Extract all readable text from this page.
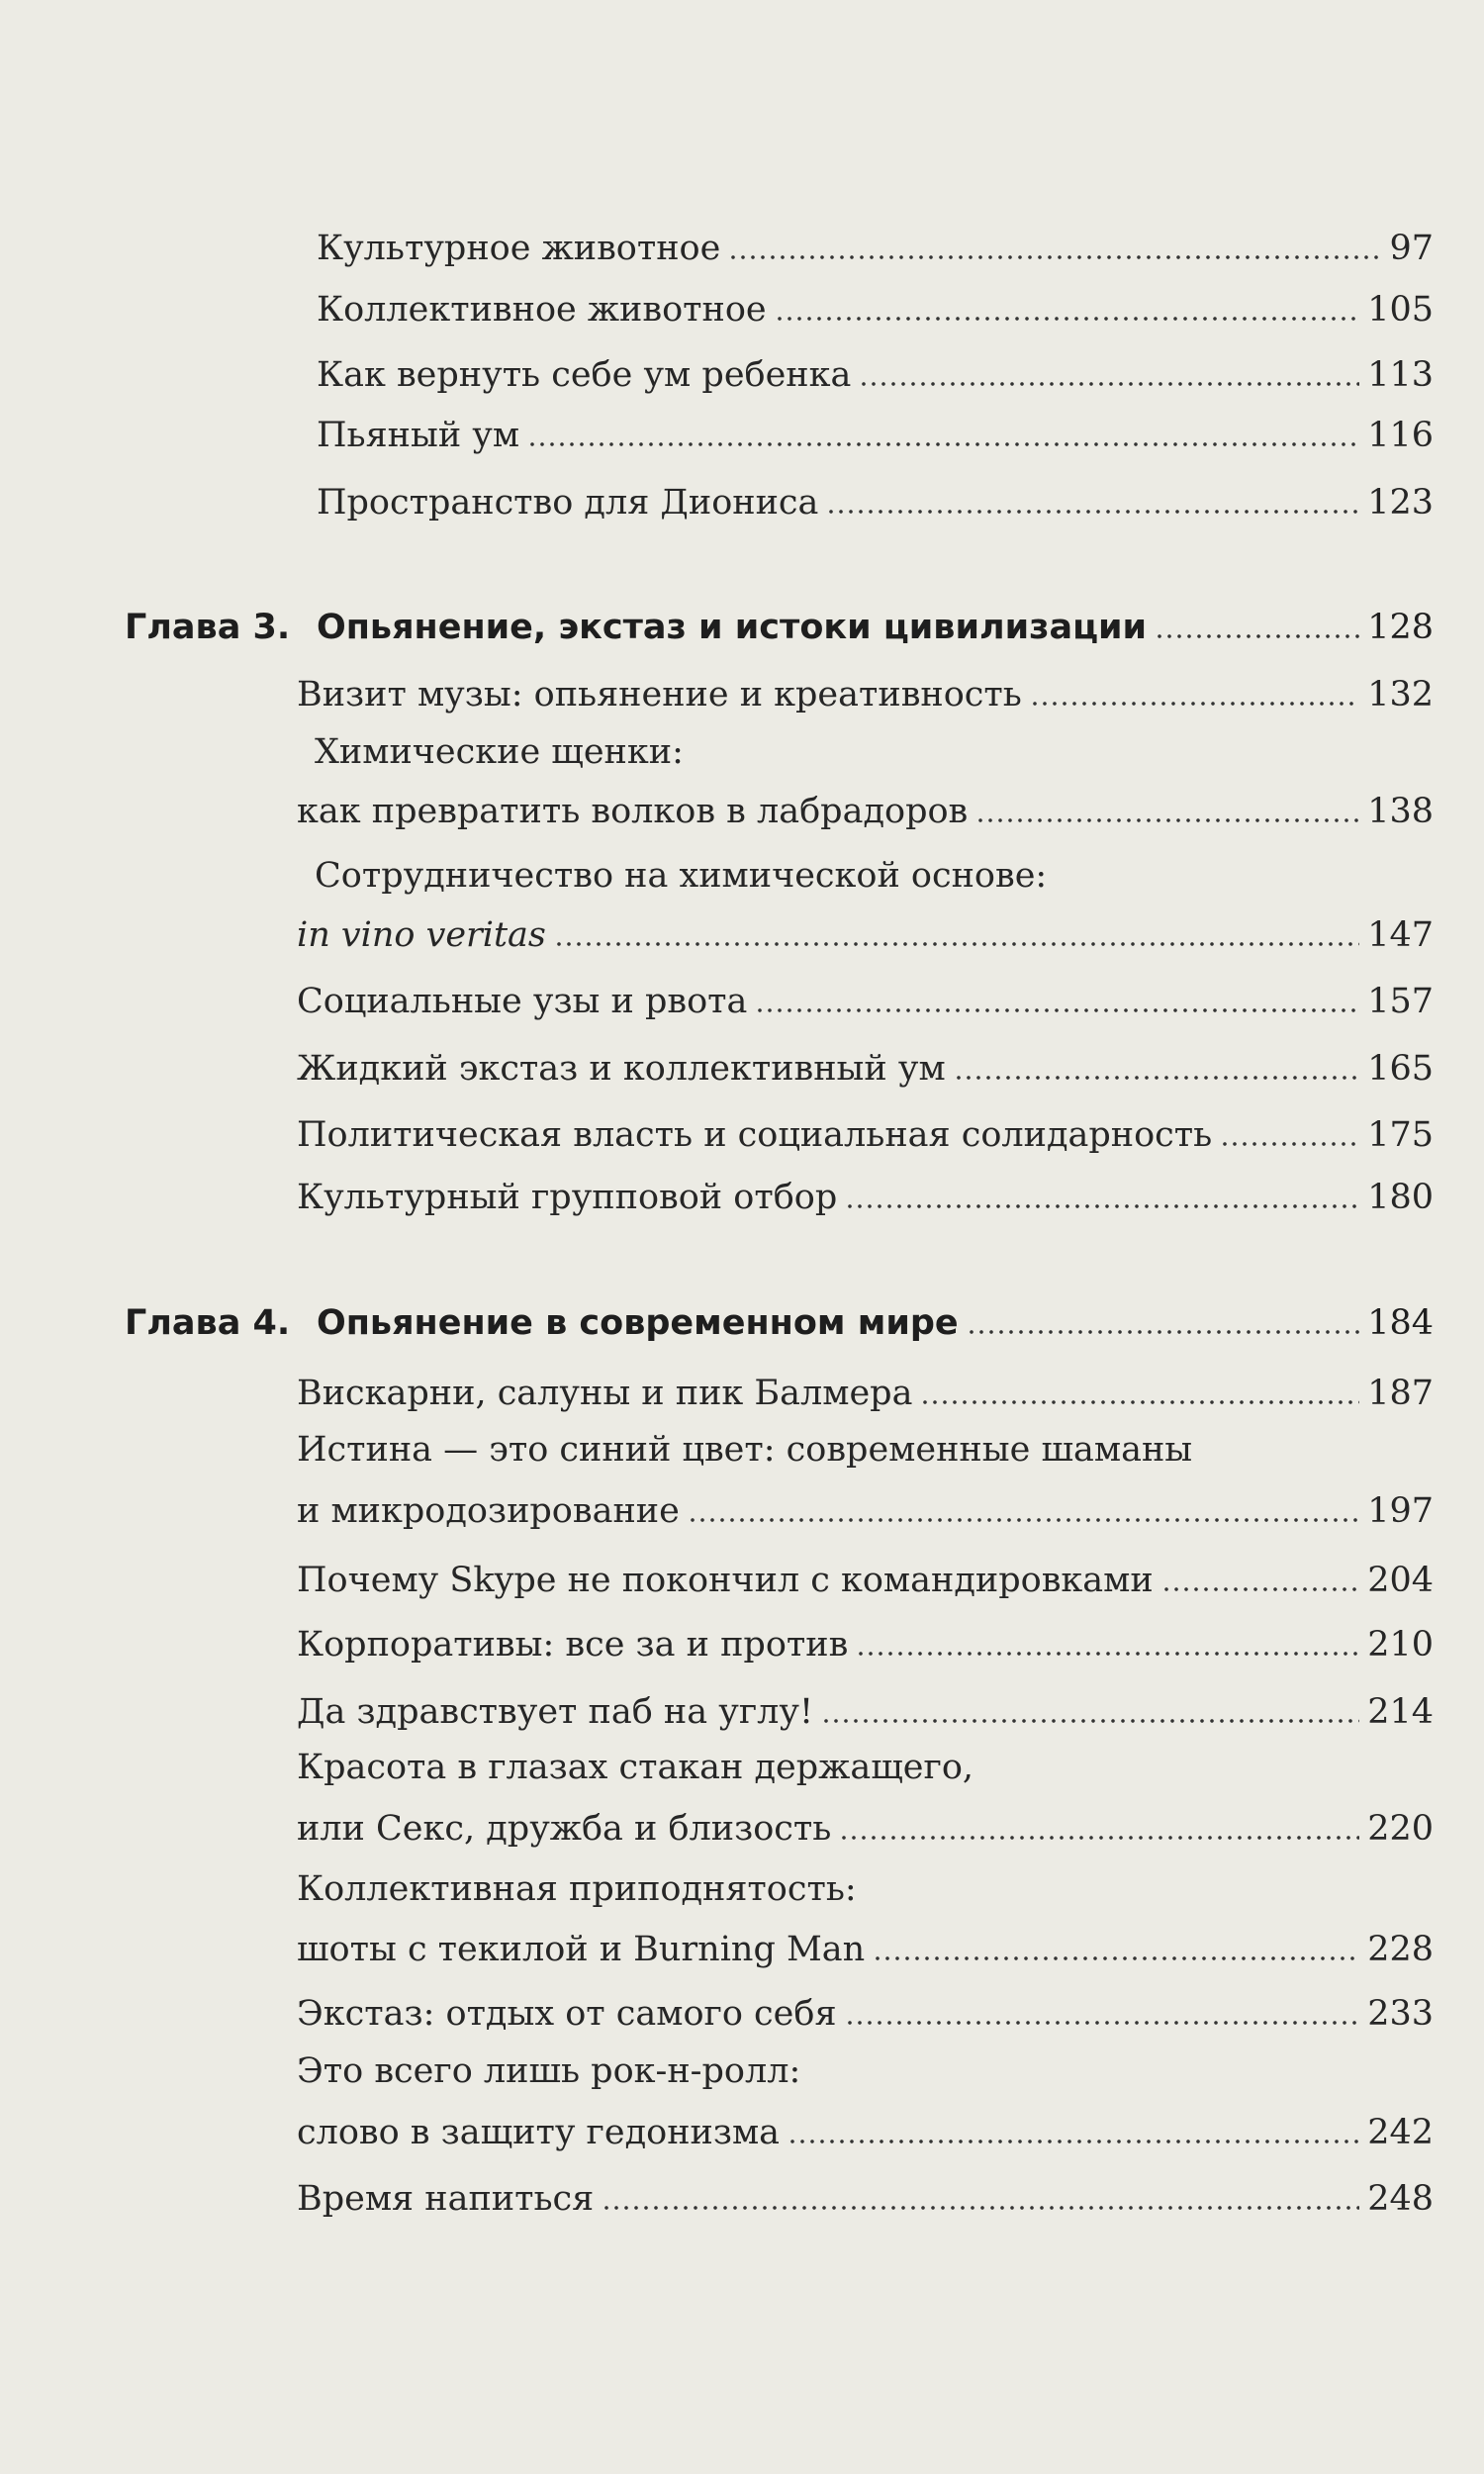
Культурное животное	97
Коллективное животное	105
Как вернуть себе ум ребенка	113
Пьяный ум	116
Пространство для Диониса	123
Глава 3. Опьянение, экстаз и истоки цивилизации	128
Визит музы: опьянение и креативность	132
Химические щенки:
как превратить волков в лабрадоров	138
Сотрудничество на химической основе:
in vino veritas	147
Социальные узы и рвота	157
Жидкий экстаз и коллективный ум	165
Политическая власть и социальная солидарность	175
Культурный групповой отбор	180
Глава 4. Опьянение в современном мире	184
Вискарни, салуны и пик Балмера	187
Истина — это синий цвет: современные шаманы
и микродозирование	197
Почему Skype не покончил с командировками	204
Корпоративы: все за и против	210
Да здравствует паб на углу!	214
Красота в глазах стакан держащего,
или Секс, дружба и близость	220
Коллективная приподнятость:
шоты с текилой и Burning Man	228
Экстаз: отдых от самого себя	233
Это всего лишь рок-н-ролл:
слово в защиту гедонизма	242
Время напиться	248
